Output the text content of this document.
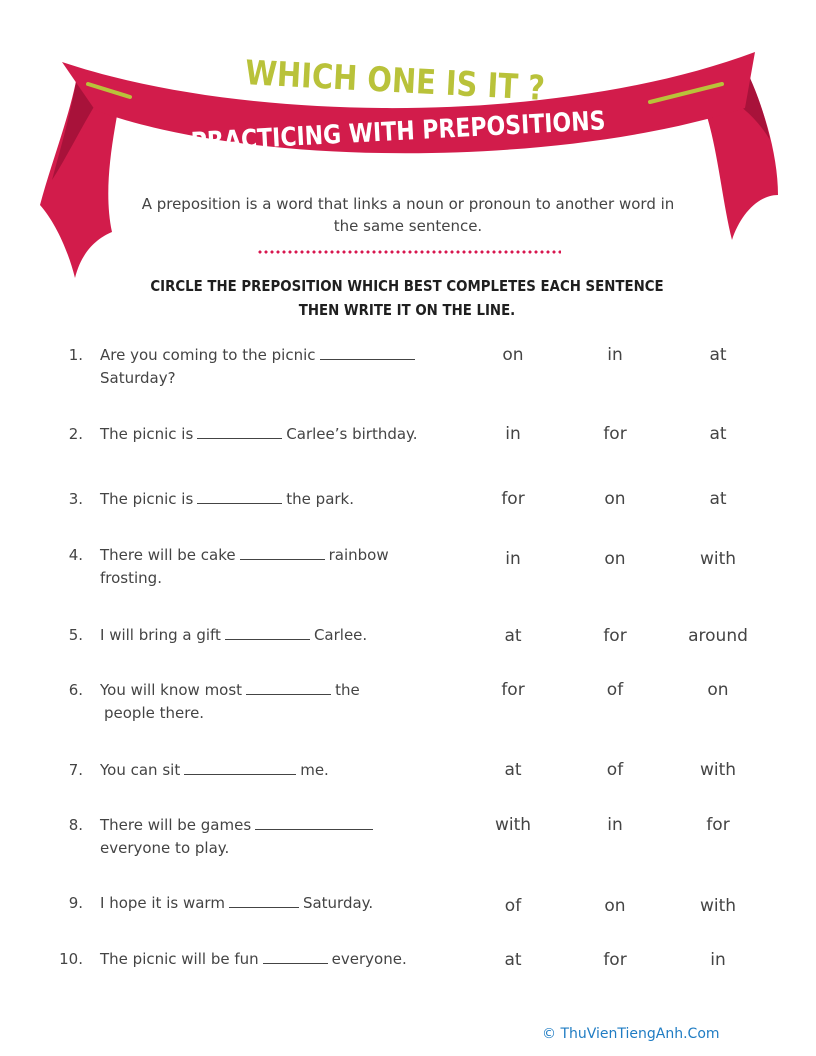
WHICH ONE IS IT ?
PRACTICING WITH PREPOSITIONS
A preposition is a word that links a noun or pronoun to another word in the same sentence.
CIRCLE THE PREPOSITION WHICH BEST COMPLETES EACH SENTENCE
THEN WRITE IT ON THE LINE.
1. Are you coming to the picnic
Saturday?
on	in	at
2. The picnic is	Carlee’s birthday.	in	for	at
3. The picnic is	the park.	for	on	at
4. There will be cake	rainbow
frosting.
in	on	with
5. I will bring a gift	Carlee.	at	for	around
6. You will know most	the
people there.
for	of	on
7. You can sit	me.	at	of	with
8. There will be games
everyone to play.
with	in	for
9. I hope it is warm	Saturday.	of	on	with
10. The picnic will be fun	everyone.	at	for	in
© ThuVienTiengAnh.Com
